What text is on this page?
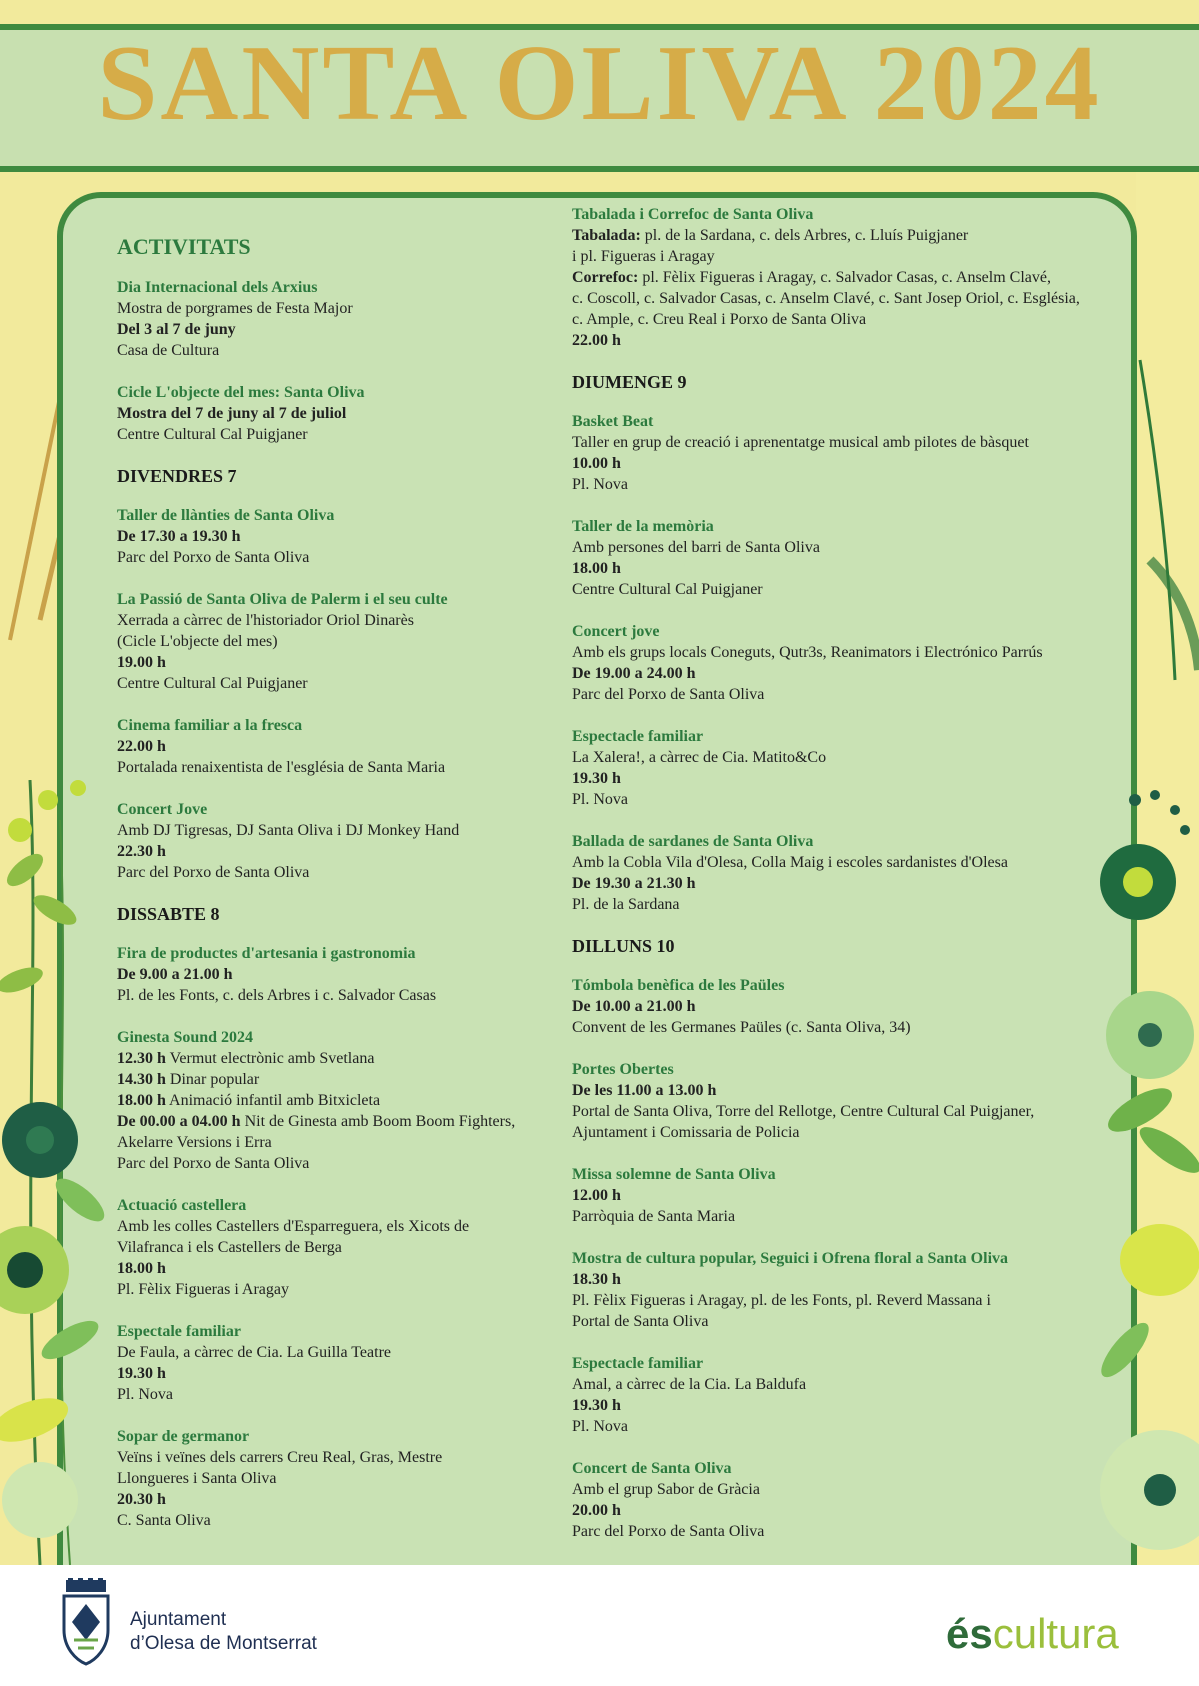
SANTA OLIVA 2024
ACTIVITATS
Dia Internacional dels Arxius
Mostra de porgrames de Festa Major
Del 3 al 7 de juny
Casa de Cultura
Cicle L'objecte del mes: Santa Oliva
Mostra del 7 de juny al 7 de juliol
Centre Cultural Cal Puigjaner
DIVENDRES 7
Taller de llànties de Santa Oliva
De 17.30 a 19.30 h
Parc del Porxo de Santa Oliva
La Passió de Santa Oliva de Palerm i el seu culte
Xerrada a càrrec de l'historiador Oriol Dinarès
(Cicle L'objecte del mes)
19.00 h
Centre Cultural Cal Puigjaner
Cinema familiar a la fresca
22.00 h
Portalada renaixentista de l'església de Santa Maria
Concert Jove
Amb DJ Tigresas, DJ Santa Oliva i DJ Monkey Hand
22.30 h
Parc del Porxo de Santa Oliva
DISSABTE 8
Fira de productes d'artesania i gastronomia
De 9.00 a 21.00 h
Pl. de les Fonts, c. dels Arbres i c. Salvador Casas
Ginesta Sound 2024
12.30 h Vermut electrònic amb Svetlana
14.30 h Dinar popular
18.00 h Animació infantil amb Bitxicleta
De 00.00 a 04.00 h Nit de Ginesta amb Boom Boom Fighters,
Akelarre Versions i Erra
Parc del Porxo de Santa Oliva
Actuació castellera
Amb les colles Castellers d'Esparreguera, els Xicots de
Vilafranca i els Castellers de Berga
18.00 h
Pl. Fèlix Figueras i Aragay
Espectale familiar
De Faula, a càrrec de Cia. La Guilla Teatre
19.30 h
Pl. Nova
Sopar de germanor
Veïns i veïnes dels carrers Creu Real, Gras, Mestre
Llongueres i Santa Oliva
20.30 h
C. Santa Oliva
Tabalada i Correfoc de Santa Oliva
Tabalada: pl. de la Sardana, c. dels Arbres, c. Lluís Puigjaner
i pl. Figueras i Aragay
Correfoc: pl. Fèlix Figueras i Aragay, c. Salvador Casas, c. Anselm Clavé,
c. Coscoll, c. Salvador Casas, c. Anselm Clavé, c. Sant Josep Oriol, c. Església,
c. Ample, c. Creu Real i Porxo de Santa Oliva
22.00 h
DIUMENGE 9
Basket Beat
Taller en grup de creació i aprenentatge musical amb pilotes de bàsquet
10.00 h
Pl. Nova
Taller de la memòria
Amb persones del barri de Santa Oliva
18.00 h
Centre Cultural Cal Puigjaner
Concert jove
Amb els grups locals Coneguts, Qutr3s, Reanimators i Electrónico Parrús
De 19.00 a 24.00 h
Parc del Porxo de Santa Oliva
Espectacle familiar
La Xalera!, a càrrec de Cia. Matito&Co
19.30 h
Pl. Nova
Ballada de sardanes de Santa Oliva
Amb la Cobla Vila d'Olesa, Colla Maig i escoles sardanistes d'Olesa
De 19.30 a 21.30 h
Pl. de la Sardana
DILLUNS 10
Tómbola benèfica de les Paüles
De 10.00 a 21.00 h
Convent de les Germanes Paüles (c. Santa Oliva, 34)
Portes Obertes
De les 11.00 a 13.00 h
Portal de Santa Oliva, Torre del Rellotge, Centre Cultural Cal Puigjaner,
Ajuntament i Comissaria de Policia
Missa solemne de Santa Oliva
12.00 h
Parròquia de Santa Maria
Mostra de cultura popular, Seguici i Ofrena floral a Santa Oliva
18.30 h
Pl. Fèlix Figueras i Aragay, pl. de les Fonts, pl. Reverd Massana i
Portal de Santa Oliva
Espectacle familiar
Amal, a càrrec de la Cia. La Baldufa
19.30 h
Pl. Nova
Concert de Santa Oliva
Amb el grup Sabor de Gràcia
20.00 h
Parc del Porxo de Santa Oliva
Ajuntament
d’Olesa de Montserrat	éscultura
